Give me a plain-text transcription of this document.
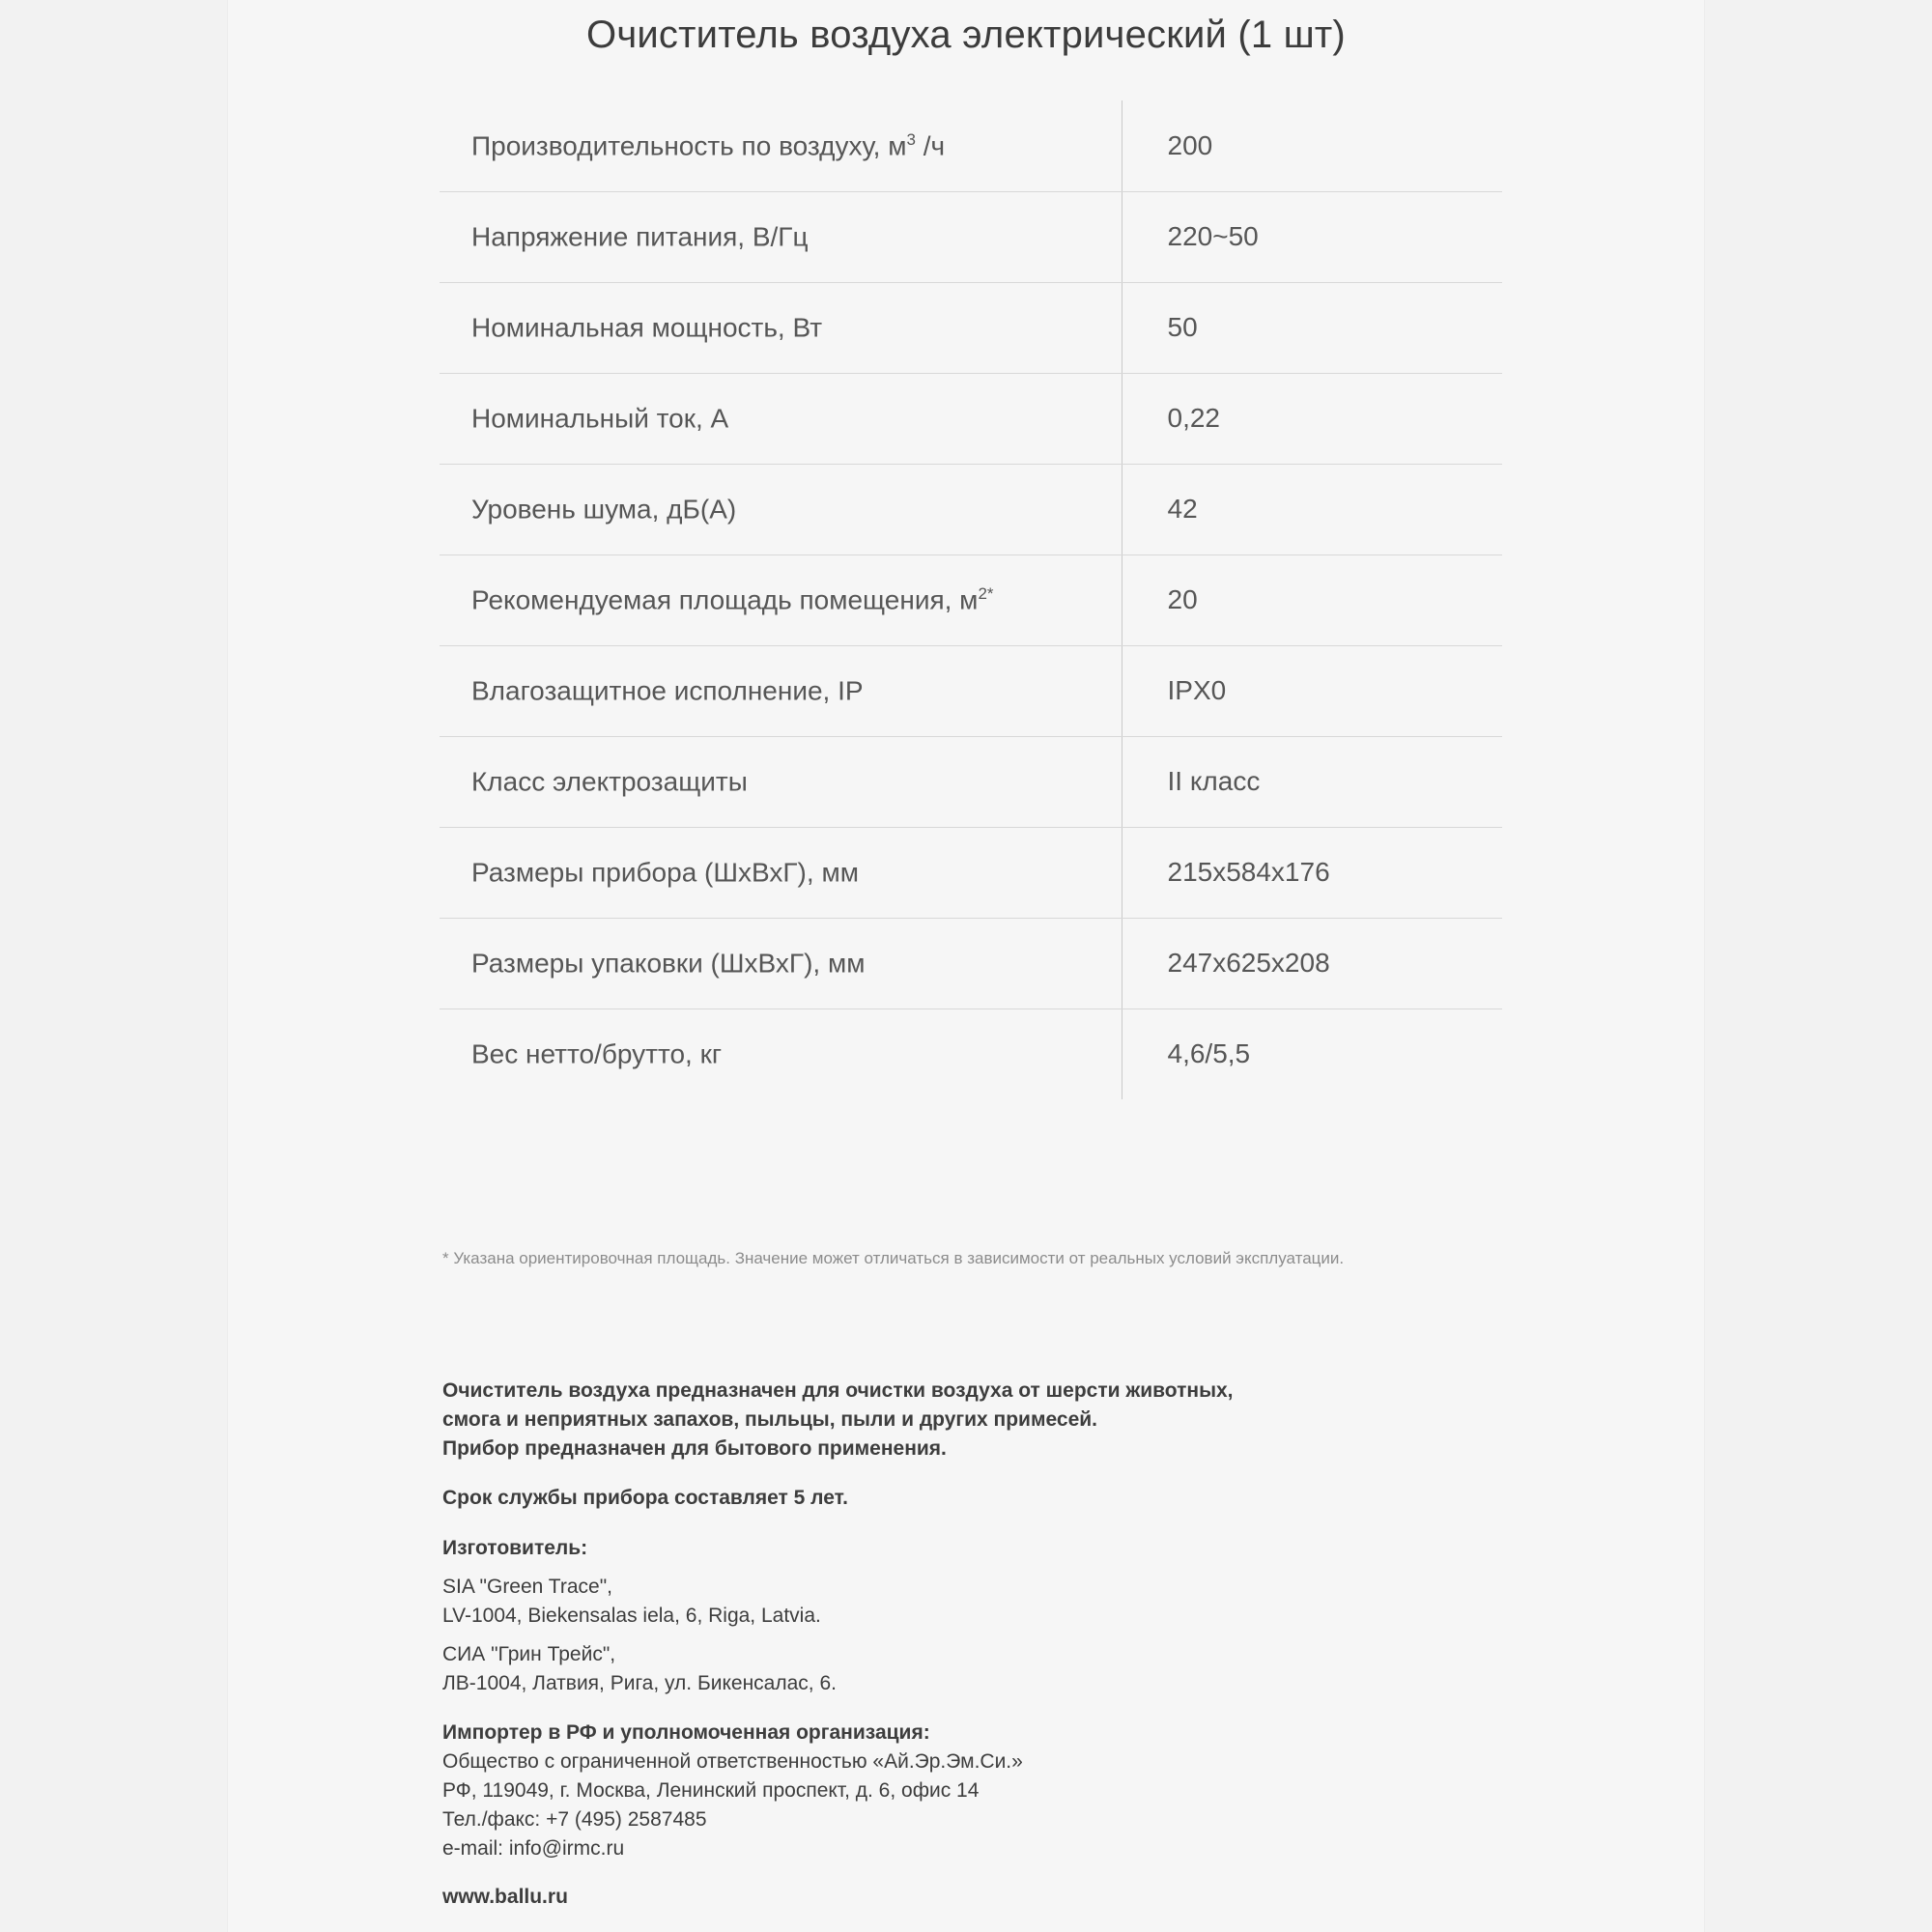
Очиститель воздуха электрический (1 шт)
Производительность по воздуху, $м^3$ /ч	200
Напряжение питания, В/Гц	220~50
Номинальная мощность, Вт	50
Номинальный ток, А	0,22
Уровень шума, дБ(А)	42
Рекомендуемая площадь помещения, $м^{2*}$	20
Влагозащитное исполнение, IP	IPX0
Класс электрозащиты	II класс
Размеры прибора (ШхВхГ), мм	215х584х176
Размеры упаковки (ШхВхГ), мм	247х625х208
Вес нетто/брутто, кг	4,6/5,5
* Указана ориентировочная площадь. Значение может отличаться в зависимости от реальных условий эксплуатации.
Очиститель воздуха предназначен для очистки воздуха от шерсти животных,
смога и неприятных запахов, пыльцы, пыли и других примесей.
Прибор предназначен для бытового применения.
Срок службы прибора составляет 5 лет.
Изготовитель:
SIA "Green Trace",
LV-1004, Biekensalas iela, 6, Riga, Latvia.
СИА "Грин Трейс",
ЛВ-1004, Латвия, Рига, ул. Бикенсалас, 6.
Импортер в РФ и уполномоченная организация:
Общество с ограниченной ответственностью «Ай.Эр.Эм.Си.»
РФ, 119049, г. Москва, Ленинский проспект, д. 6, офис 14
Тел./факс: +7 (495) 2587485
e-mail: info@irmc.ru
www.ballu.ru
